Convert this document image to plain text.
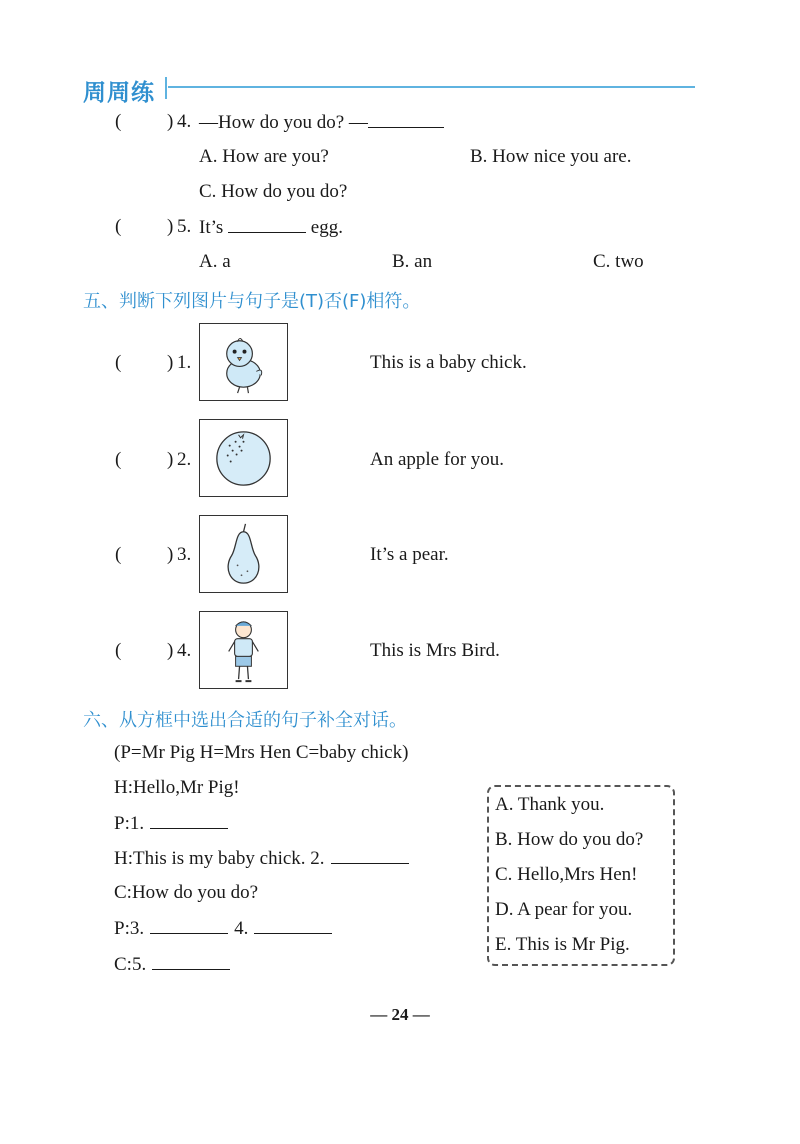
周周练
( ) 4. —How do you do? —
A. How are you?	B. How nice you are.
C. How do you do?
( ) 5. It’s	egg.
A. a	B. an	C. two
五、判断下列图片与句子是(T)否(F)相符。
( ) 1.	This is a baby chick.
( ) 2.	An apple for you.
( ) 3.	It’s a pear.
( ) 4.	This is Mrs Bird.
六、从方框中选出合适的句子补全对话。
(P=Mr Pig H=Mrs Hen C=baby chick)
H:Hello,Mr Pig!
P:1.
H:This is my baby chick. 2.
C:How do you do?
P:3.	4.
C:5.
A. Thank you.
B. How do you do?
C. Hello,Mrs Hen!
D. A pear for you.
E. This is Mr Pig.
— 24 —
